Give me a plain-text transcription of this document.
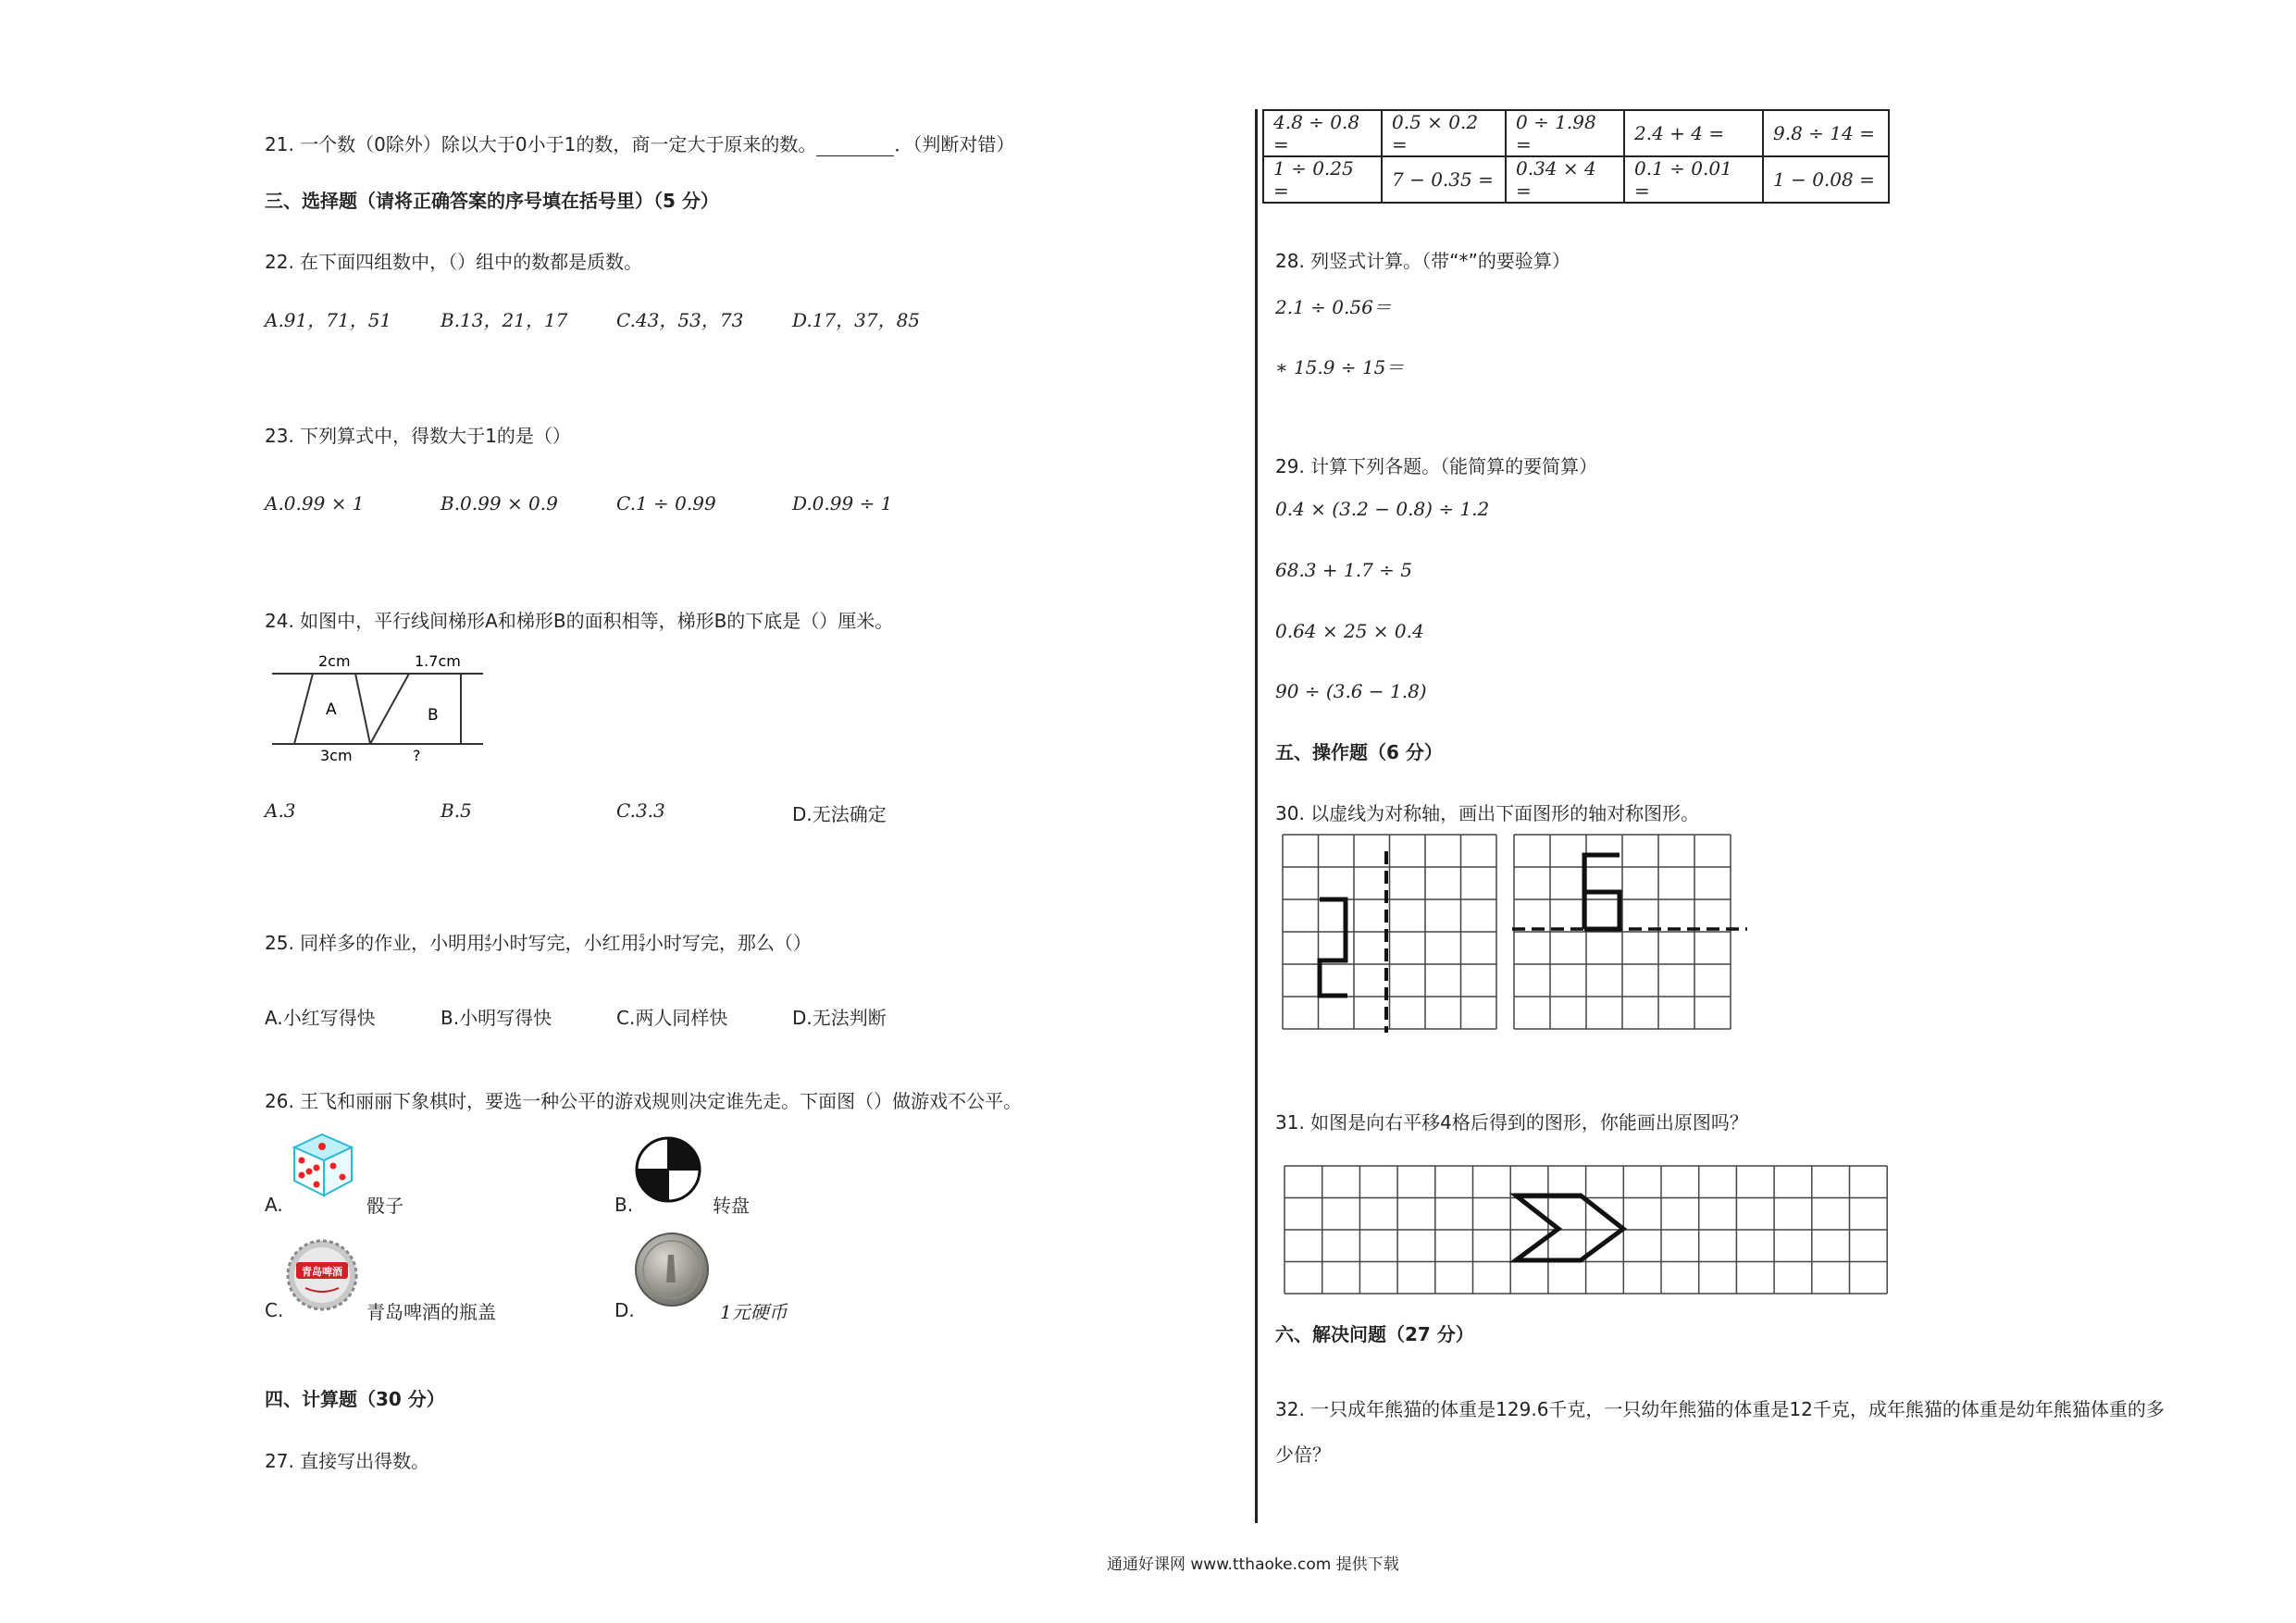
21. 一个数（0除外）除以大于0小于1的数，商一定大于原来的数。	．（判断对错）
三、选择题（请将正确答案的序号填在括号里）（5 分）
22. 在下面四组数中，（）组中的数都是质数。
A.91，71，51	B.13，21，17	C.43，53，73	D.17，37，85
23. 下列算式中，得数大于1的是（）
A.0.99 × 1	B.0.99 × 0.9	C.1 ÷ 0.99	D.0.99 ÷ 1
24. 如图中，平行线间梯形A和梯形B的面积相等，梯形B的下底是（）厘米。
2cm	1.7cm
A	B
3cm	?
A.3	B.5	C.3.3	D.无法确定
25. 同样多的作业，小明用 $\frac{4}{5}$ 小时写完，小红用 $\frac{5}{4}$ 小时写完，那么（）
A.小红写得快	B.小明写得快	C.两人同样快	D.无法判断
26. 王飞和丽丽下象棋时，要选一种公平的游戏规则决定谁先走。下面图（）做游戏不公平。
A.	骰子	B.	转盘
C.
青岛啤酒
青岛啤酒的瓶盖	D.	1元硬币
四、计算题（30 分）
27. 直接写出得数。
4.8 ÷ 0.8 =	0.5 × 0.2 =	0 ÷ 1.98 =	2.4 + 4 =	9.8 ÷ 14 =
1 ÷ 0.25 =	7 − 0.35 =	0.34 × 4 =	0.1 ÷ 0.01 =	1 − 0.08 =
28. 列竖式计算。（带“*”的要验算）
2.1 ÷ 0.56＝
∗ 15.9 ÷ 15＝
29. 计算下列各题。（能简算的要简算）
0.4 × (3.2 − 0.8) ÷ 1.2
68.3 + 1.7 ÷ 5
0.64 × 25 × 0.4
90 ÷ (3.6 − 1.8)
五、操作题（6 分）
30. 以虚线为对称轴，画出下面图形的轴对称图形。
31. 如图是向右平移4格后得到的图形，你能画出原图吗？
六、解决问题（27 分）
32. 一只成年熊猫的体重是129.6千克，一只幼年熊猫的体重是12千克，成年熊猫的体重是幼年熊猫体重的多
少倍？
通通好课网 www.tthaoke.com 提供下载
